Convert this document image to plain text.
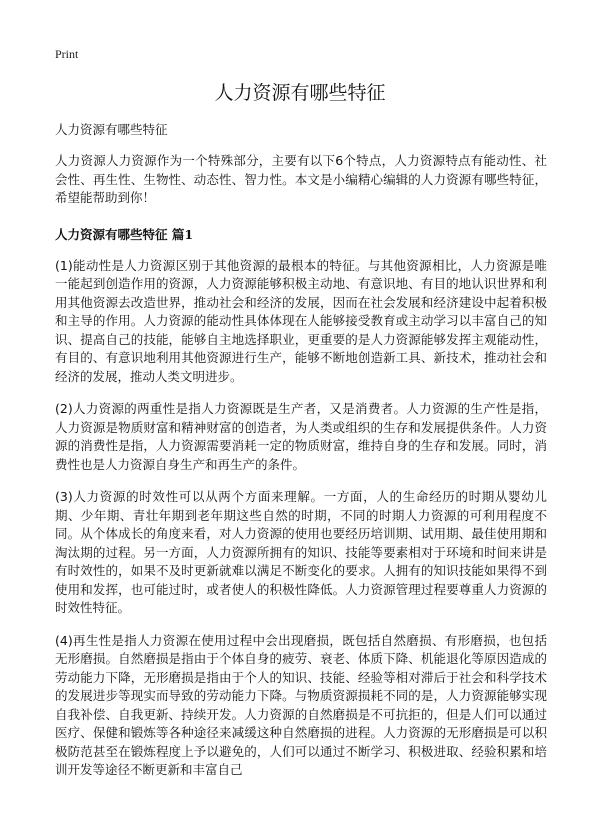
Print
人力资源有哪些特征

人力资源有哪些特征

人力资源人力资源作为一个特殊部分，主要有以下6个特点，人力资源特点有能动性、社会性、再生性、生物性、动态性、智力性。本文是小编精心编辑的人力资源有哪些特征，希望能帮助到你！

人力资源有哪些特征 篇1

(1)能动性是人力资源区别于其他资源的最根本的特征。与其他资源相比，人力资源是唯一能起到创造作用的资源，人力资源能够积极主动地、有意识地、有目的地认识世界和利用其他资源去改造世界，推动社会和经济的发展，因而在社会发展和经济建设中起着积极和主导的作用。人力资源的能动性具体体现在人能够接受教育或主动学习以丰富自己的知识、提高自己的技能，能够自主地选择职业，更重要的是人力资源能够发挥主观能动性，有目的、有意识地利用其他资源进行生产，能够不断地创造新工具、新技术，推动社会和经济的发展，推动人类文明进步。

(2)人力资源的两重性是指人力资源既是生产者，又是消费者。人力资源的生产性是指，人力资源是物质财富和精神财富的创造者，为人类或组织的生存和发展提供条件。人力资源的消费性是指，人力资源需要消耗一定的物质财富，维持自身的生存和发展。同时，消费性也是人力资源自身生产和再生产的条件。

(3)人力资源的时效性可以从两个方面来理解。一方面，人的生命经历的时期从婴幼儿期、少年期、青壮年期到老年期这些自然的时期，不同的时期人力资源的可利用程度不同。从个体成长的角度来看，对人力资源的使用也要经历培训期、试用期、最佳使用期和淘汰期的过程。另一方面，人力资源所拥有的知识、技能等要素相对于环境和时间来讲是有时效性的，如果不及时更新就难以满足不断变化的要求。人拥有的知识技能如果得不到使用和发挥，也可能过时，或者使人的积极性降低。人力资源管理过程要尊重人力资源的时效性特征。

(4)再生性是指人力资源在使用过程中会出现磨损，既包括自然磨损、有形磨损，也包括无形磨损。自然磨损是指由于个体自身的疲劳、衰老、体质下降、机能退化等原因造成的劳动能力下降，无形磨损是指由于个人的知识、技能、经验等相对滞后于社会和科学技术的发展进步等现实而导致的劳动能力下降。与物质资源损耗不同的是，人力资源能够实现自我补偿、自我更新、持续开发。人力资源的自然磨损是不可抗拒的，但是人们可以通过医疗、保健和锻炼等各种途径来减缓这种自然磨损的进程。人力资源的无形磨损是可以积极防范甚至在锻炼程度上予以避免的，人们可以通过不断学习、积极进取、经验积累和培训开发等途径不断更新和丰富自己
